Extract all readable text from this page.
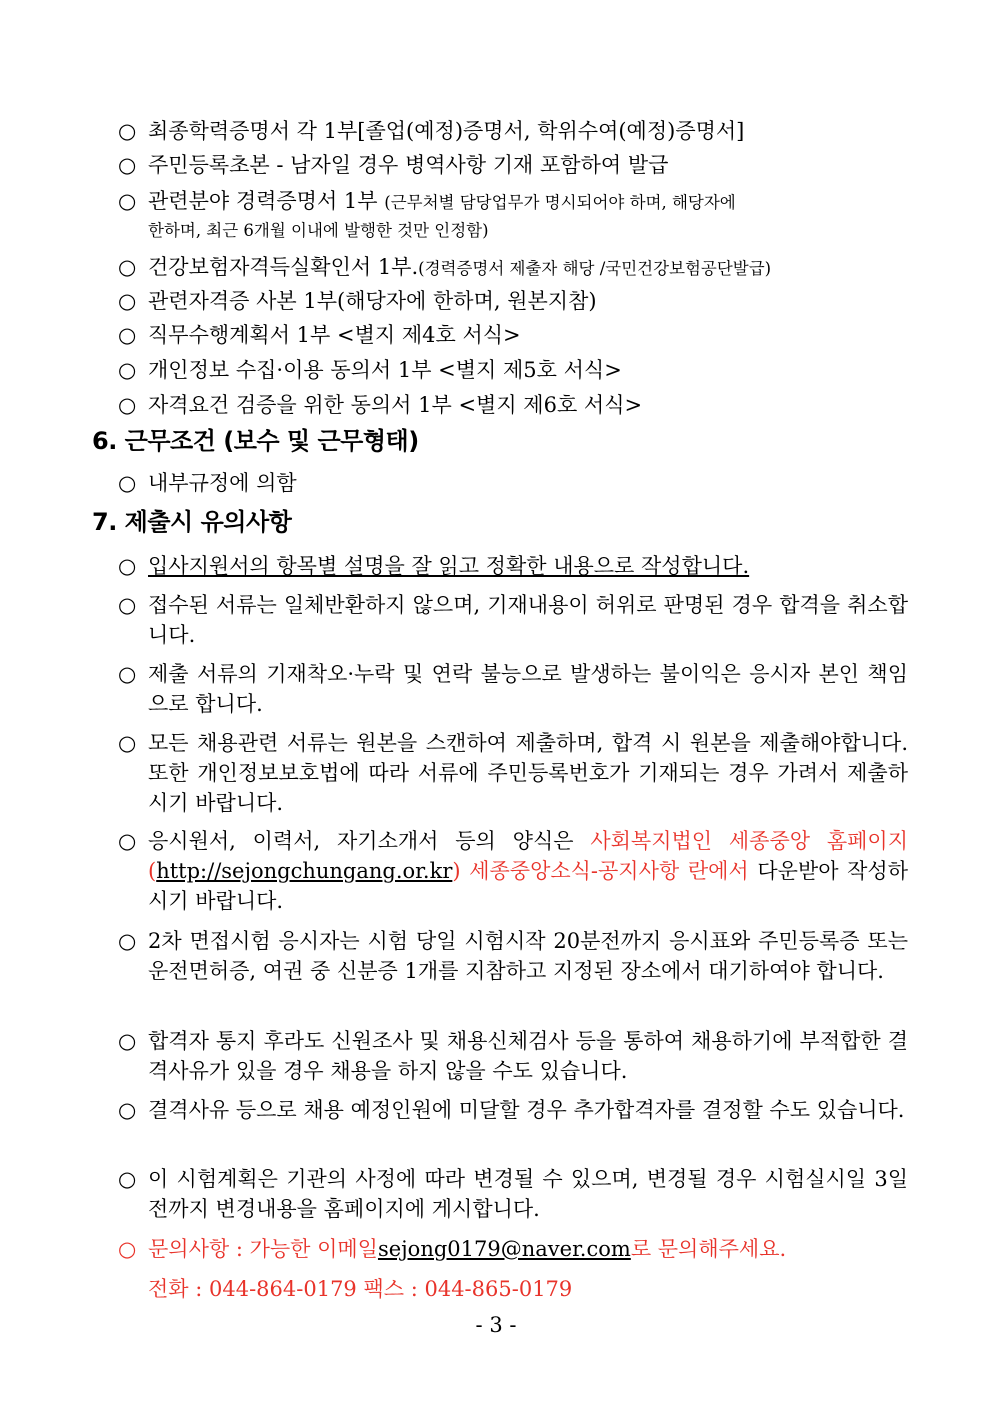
○ 최종학력증명서 각 1부[졸업(예정)증명서, 학위수여(예정)증명서]
○ 주민등록초본 - 남자일 경우 병역사항 기재 포함하여 발급
○ 관련분야 경력증명서 1부 (근무처별 담당업무가 명시되어야 하며, 해당자에
한하며, 최근 6개월 이내에 발행한 것만 인정함)
○ 건강보험자격득실확인서 1부.(경력증명서 제출자 해당 /국민건강보험공단발급)
○ 관련자격증 사본 1부(해당자에 한하며, 원본지참)
○ 직무수행계획서 1부 <별지 제4호 서식>
○ 개인정보 수집·이용 동의서 1부 <별지 제5호 서식>
○ 자격요건 검증을 위한 동의서 1부 <별지 제6호 서식>
6. 근무조건 (보수 및 근무형태)
○ 내부규정에 의함
7. 제출시 유의사항
○ 입사지원서의 항목별 설명을 잘 읽고 정확한 내용으로 작성합니다.
○ 접수된 서류는 일체반환하지 않으며, 기재내용이 허위로 판명된 경우 합격을 취소합니다.
○ 제출 서류의 기재착오·누락 및 연락 불능으로 발생하는 불이익은 응시자 본인 책임으로 합니다.
○ 모든 채용관련 서류는 원본을 스캔하여 제출하며, 합격 시 원본을 제출해야합니다. 또한 개인정보보호법에 따라 서류에 주민등록번호가 기재되는 경우 가려서 제출하시기 바랍니다.
○ 응시원서, 이력서, 자기소개서 등의 양식은 사회복지법인 세종중앙 홈페이지(http://sejongchungang.or.kr) 세종중앙소식-공지사항 란에서 다운받아 작성하시기 바랍니다.
○ 2차 면접시험 응시자는 시험 당일 시험시작 20분전까지 응시표와 주민등록증 또는 운전면허증, 여권 중 신분증 1개를 지참하고 지정된 장소에서 대기하여야 합니다.
○ 합격자 통지 후라도 신원조사 및 채용신체검사 등을 통하여 채용하기에 부적합한 결격사유가 있을 경우 채용을 하지 않을 수도 있습니다.
○ 결격사유 등으로 채용 예정인원에 미달할 경우 추가합격자를 결정할 수도 있습니다.
○ 이 시험계획은 기관의 사정에 따라 변경될 수 있으며, 변경될 경우 시험실시일 3일전까지 변경내용을 홈페이지에 게시합니다.
○ 문의사항 : 가능한 이메일sejong0179@naver.com로 문의해주세요.
전화 : 044-864-0179 팩스 : 044-865-0179
- 3 -
